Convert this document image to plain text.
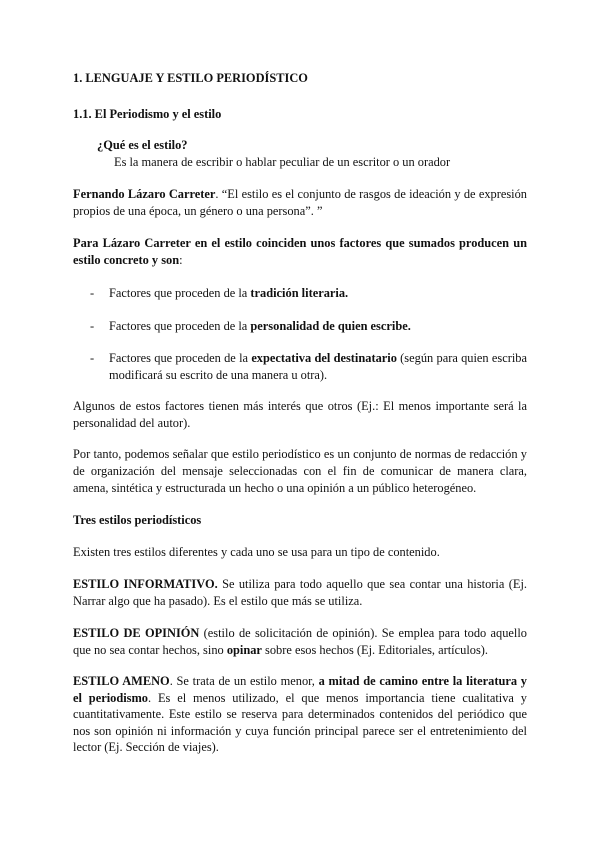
1. LENGUAJE Y ESTILO PERIODÍSTICO

1.1. El Periodismo y el estilo

¿Qué es el estilo?

Es la manera de escribir o hablar peculiar de un escritor o un orador

Fernando Lázaro Carreter. “El estilo es el conjunto de rasgos de ideación y de expresión propios de una época, un género o una persona”. ”

Para Lázaro Carreter en el estilo coinciden unos factores que sumados producen un estilo concreto y son:

- Factores que proceden de la tradición literaria.
- Factores que proceden de la personalidad de quien escribe.
- Factores que proceden de la expectativa del destinatario (según para quien escriba modificará su escrito de una manera u otra).

Algunos de estos factores tienen más interés que otros (Ej.: El menos importante será la personalidad del autor).

Por tanto, podemos señalar que estilo periodístico es un conjunto de normas de redacción y de organización del mensaje seleccionadas con el fin de comunicar de manera clara, amena, sintética y estructurada un hecho o una opinión a un público heterogéneo.

Tres estilos periodísticos

Existen tres estilos diferentes y cada uno se usa para un tipo de contenido.

ESTILO INFORMATIVO. Se utiliza para todo aquello que sea contar una historia (Ej. Narrar algo que ha pasado). Es el estilo que más se utiliza.

ESTILO DE OPINIÓN (estilo de solicitación de opinión). Se emplea para todo aquello que no sea contar hechos, sino opinar sobre esos hechos (Ej. Editoriales, artículos).

ESTILO AMENO. Se trata de un estilo menor, a mitad de camino entre la literatura y el periodismo. Es el menos utilizado, el que menos importancia tiene cualitativa y cuantitativamente. Este estilo se reserva para determinados contenidos del periódico que nos son opinión ni información y cuya función principal parece ser el entretenimiento del lector (Ej. Sección de viajes).
